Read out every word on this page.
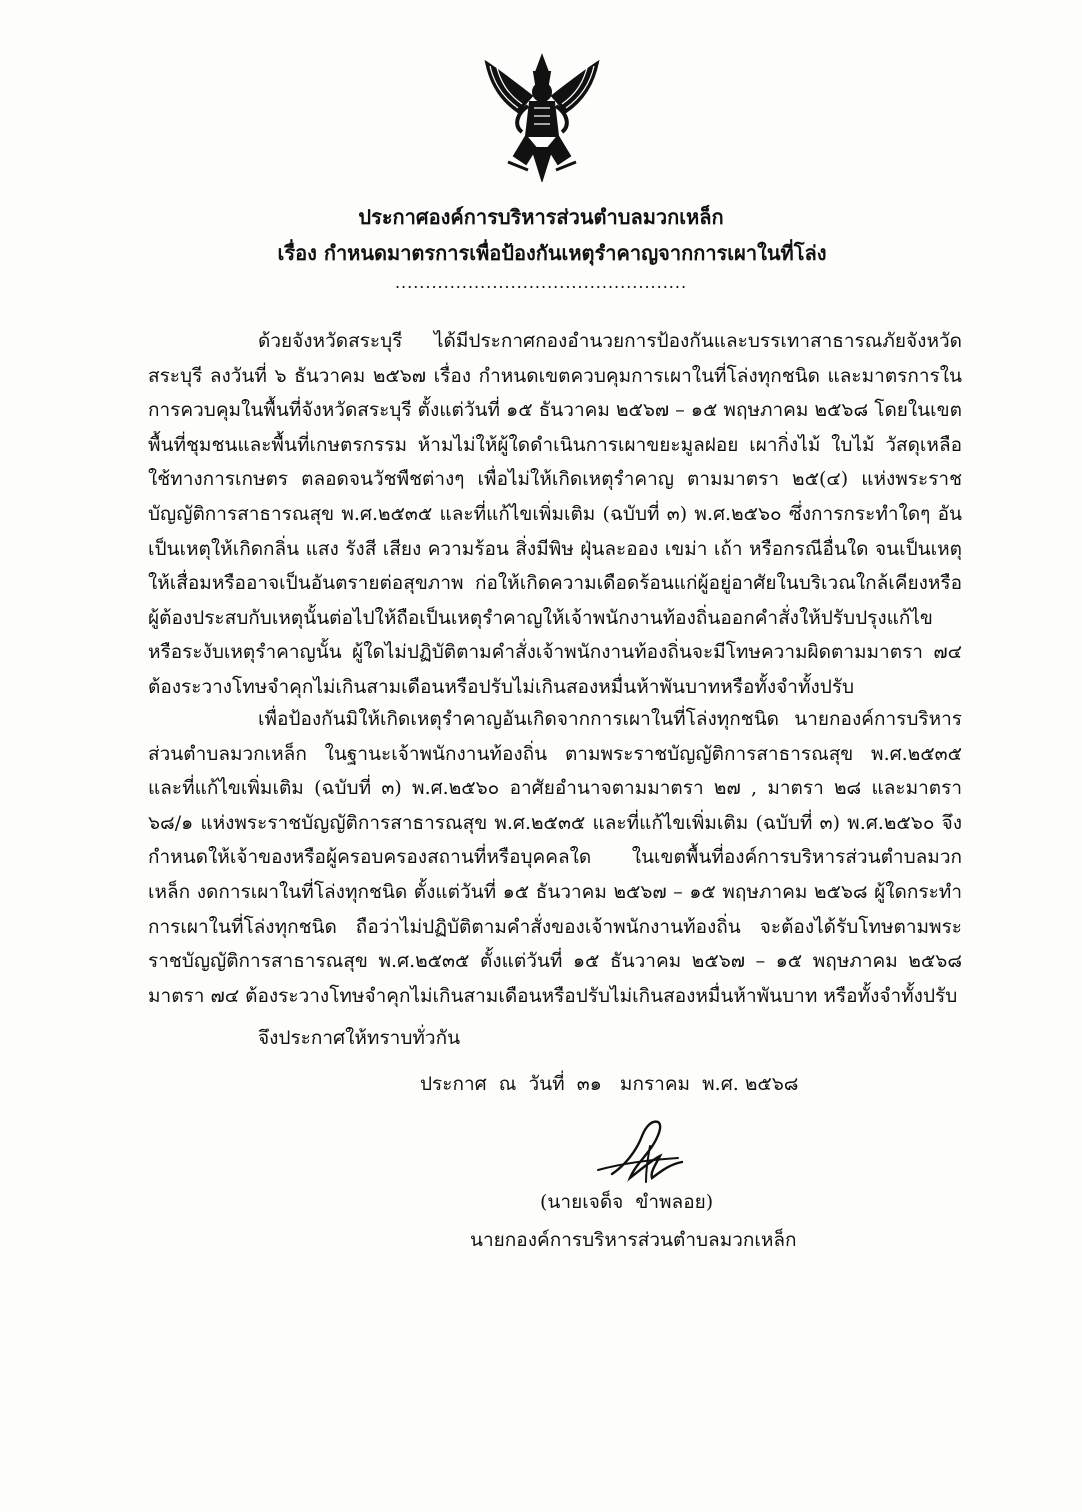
ประกาศองค์การบริหารส่วนตำบลมวกเหล็ก
เรื่อง กำหนดมาตรการเพื่อป้องกันเหตุรำคาญจากการเผาในที่โล่ง
................................................

ด้วยจังหวัดสระบุรี ได้มีประกาศกองอำนวยการป้องกันและบรรเทาสาธารณภัยจังหวัดสระบุรี ลงวันที่ ๖ ธันวาคม ๒๕๖๗ เรื่อง กำหนดเขตควบคุมการเผาในที่โล่งทุกชนิด และมาตรการในการควบคุมในพื้นที่จังหวัดสระบุรี ตั้งแต่วันที่ ๑๕ ธันวาคม ๒๕๖๗ – ๑๕ พฤษภาคม ๒๕๖๘ โดยในเขตพื้นที่ชุมชนและพื้นที่เกษตรกรรม ห้ามไม่ให้ผู้ใดดำเนินการเผาขยะมูลฝอย เผากิ่งไม้ ใบไม้ วัสดุเหลือใช้ทางการเกษตร ตลอดจนวัชพืชต่างๆ เพื่อไม่ให้เกิดเหตุรำคาญ ตามมาตรา ๒๕(๔) แห่งพระราชบัญญัติการสาธารณสุข พ.ศ.๒๕๓๕ และที่แก้ไขเพิ่มเติม (ฉบับที่ ๓) พ.ศ.๒๕๖๐ ซึ่งการกระทำใดๆ อันเป็นเหตุให้เกิดกลิ่น แสง รังสี เสียง ความร้อน สิ่งมีพิษ ฝุ่นละออง เขม่า เถ้า หรือกรณีอื่นใด จนเป็นเหตุให้เสื่อมหรืออาจเป็นอันตรายต่อสุขภาพ ก่อให้เกิดความเดือดร้อนแก่ผู้อยู่อาศัยในบริเวณใกล้เคียงหรือผู้ต้องประสบกับเหตุนั้นต่อไปให้ถือเป็นเหตุรำคาญให้เจ้าพนักงานท้องถิ่นออกคำสั่งให้ปรับปรุงแก้ไขหรือระงับเหตุรำคาญนั้น ผู้ใดไม่ปฏิบัติตามคำสั่งเจ้าพนักงานท้องถิ่นจะมีโทษความผิดตามมาตรา ๗๔ ต้องระวางโทษจำคุกไม่เกินสามเดือนหรือปรับไม่เกินสองหมื่นห้าพันบาทหรือทั้งจำทั้งปรับ

เพื่อป้องกันมิให้เกิดเหตุรำคาญอันเกิดจากการเผาในที่โล่งทุกชนิด นายกองค์การบริหารส่วนตำบลมวกเหล็ก ในฐานะเจ้าพนักงานท้องถิ่น ตามพระราชบัญญัติการสาธารณสุข พ.ศ.๒๕๓๕ และที่แก้ไขเพิ่มเติม (ฉบับที่ ๓) พ.ศ.๒๕๖๐ อาศัยอำนาจตามมาตรา ๒๗ , มาตรา ๒๘ และมาตรา ๖๘/๑ แห่งพระราชบัญญัติการสาธารณสุข พ.ศ.๒๕๓๕ และที่แก้ไขเพิ่มเติม (ฉบับที่ ๓) พ.ศ.๒๕๖๐ จึงกำหนดให้เจ้าของหรือผู้ครอบครองสถานที่หรือบุคคลใด ในเขตพื้นที่องค์การบริหารส่วนตำบลมวกเหล็ก งดการเผาในที่โล่งทุกชนิด ตั้งแต่วันที่ ๑๕ ธันวาคม ๒๕๖๗ – ๑๕ พฤษภาคม ๒๕๖๘ ผู้ใดกระทำการเผาในที่โล่งทุกชนิด ถือว่าไม่ปฏิบัติตามคำสั่งของเจ้าพนักงานท้องถิ่น จะต้องได้รับโทษตามพระราชบัญญัติการสาธารณสุข พ.ศ.๒๕๓๕ ตั้งแต่วันที่ ๑๕ ธันวาคม ๒๕๖๗ – ๑๕ พฤษภาคม ๒๕๖๘ มาตรา ๗๔ ต้องระวางโทษจำคุกไม่เกินสามเดือนหรือปรับไม่เกินสองหมื่นห้าพันบาท หรือทั้งจำทั้งปรับ

จึงประกาศให้ทราบทั่วกัน
ประกาศ  ณ  วันที่  ๓๑   มกราคม  พ.ศ. ๒๕๖๘
(นายเจด็จ  ขำพลอย)
นายกองค์การบริหารส่วนตำบลมวกเหล็ก
